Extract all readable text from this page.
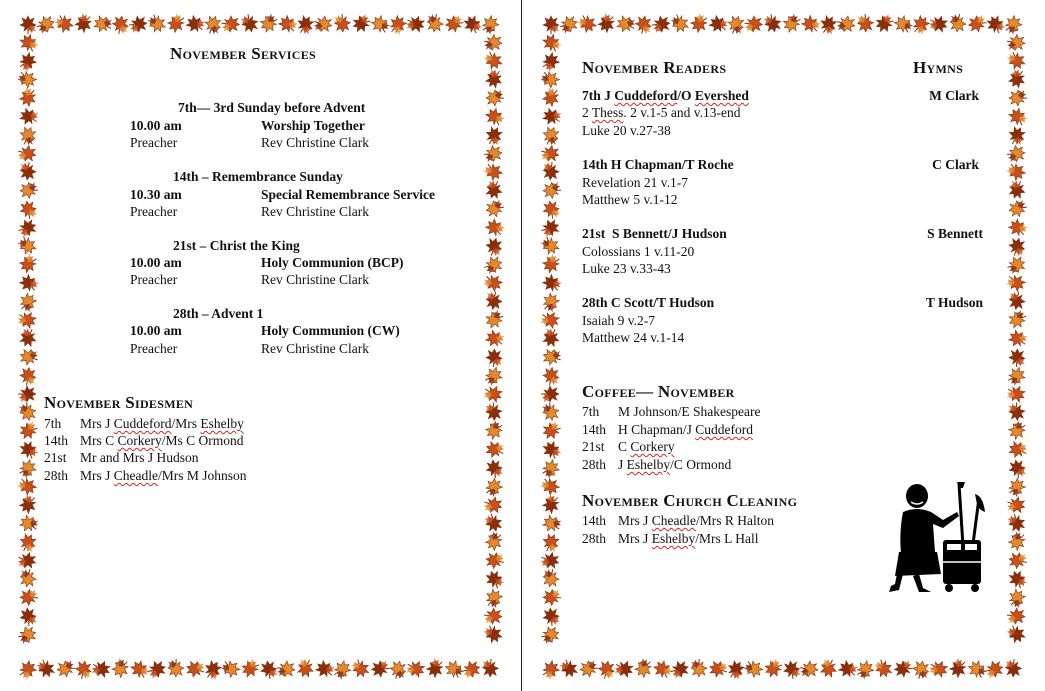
November Services
7th— 3rd Sunday before Advent
10.00 am	Worship Together
Preacher	Rev Christine Clark
14th – Remembrance Sunday
10.30 am	Special Remembrance Service
Preacher	Rev Christine Clark
21st – Christ the King
10.00 am	Holy Communion (BCP)
Preacher	Rev Christine Clark
28th – Advent 1
10.00 am	Holy Communion (CW)
Preacher	Rev Christine Clark
November Sidesmen
7th Mrs J Cuddeford/Mrs Eshelby
14th Mrs C Corkery/Ms C Ormond
21st Mr and Mrs J Hudson
28th Mrs J Cheadle/Mrs M Johnson
November Readers	Hymns
7th J Cuddeford/O Evershed	M Clark
2 Thess. 2 v.1-5 and v.13-end
Luke 20 v.27-38
14th H Chapman/T Roche	C Clark
Revelation 21 v.1-7
Matthew 5 v.1-12
21st S Bennett/J Hudson	S Bennett
Colossians 1 v.11-20
Luke 23 v.33-43
28th C Scott/T Hudson	T Hudson
Isaiah 9 v.2-7
Matthew 24 v.1-14
Coffee— November
7th M Johnson/E Shakespeare
14th H Chapman/J Cuddeford
21st C Corkery
28th J Eshelby/C Ormond
November Church Cleaning
14th Mrs J Cheadle/Mrs R Halton
28th Mrs J Eshelby/Mrs L Hall
